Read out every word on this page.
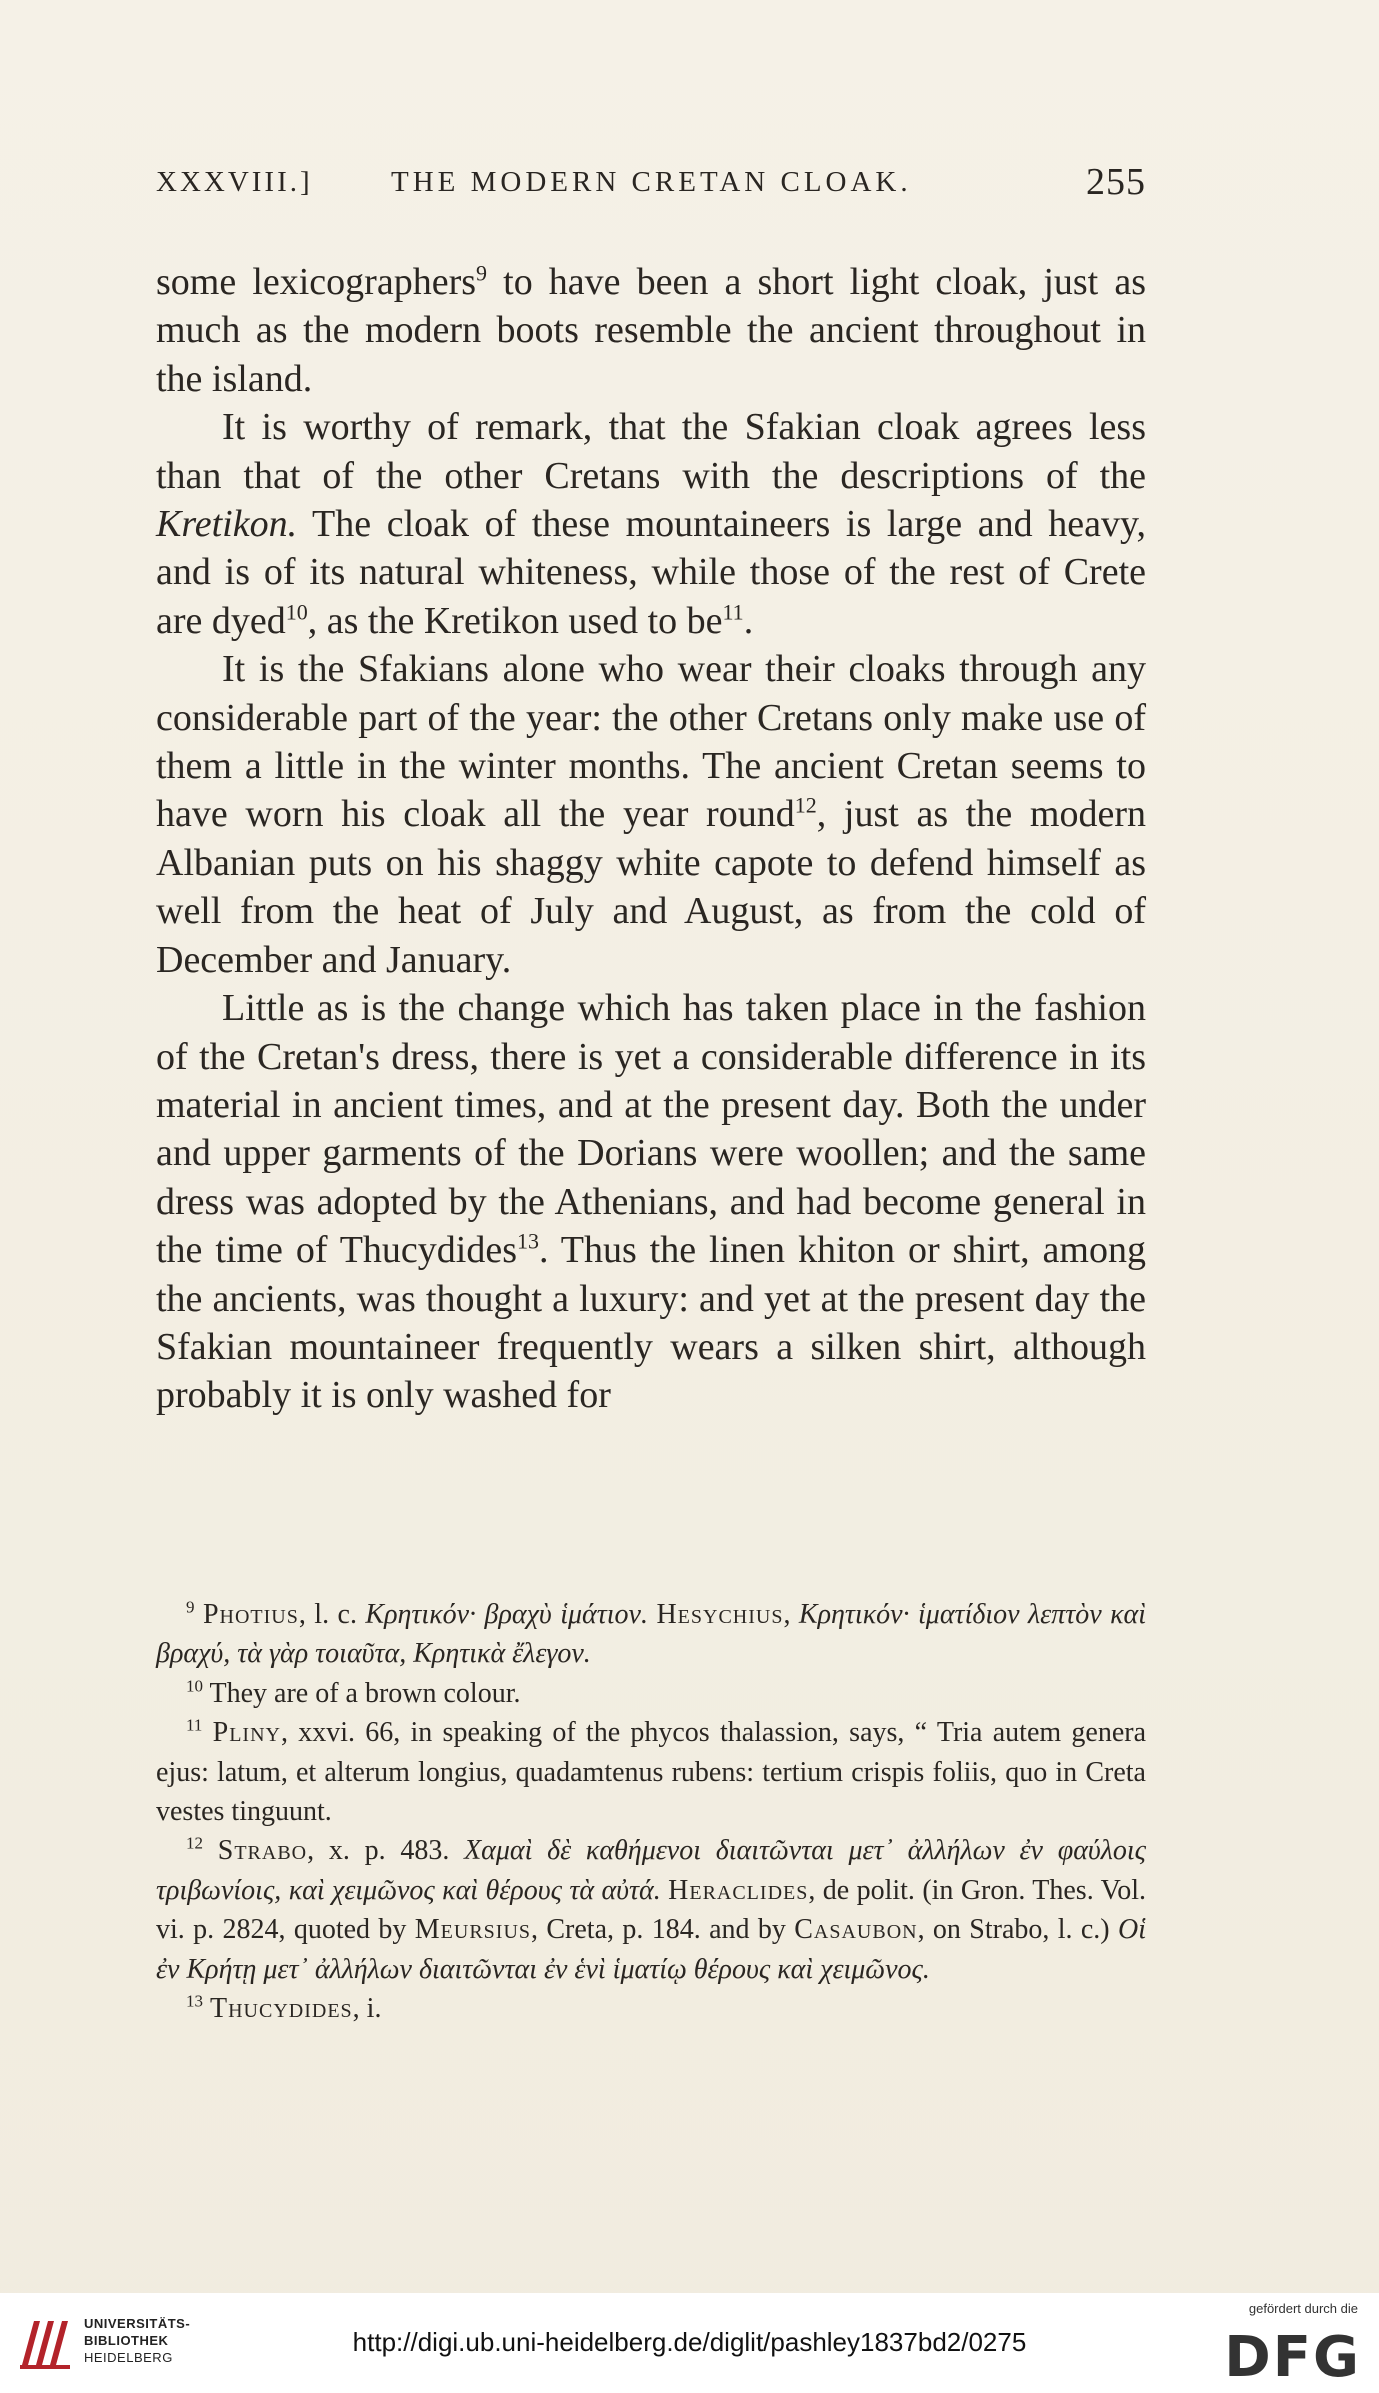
XXXVIII.]	THE MODERN CRETAN CLOAK.	255

some lexicographers$^9$ to have been a short light cloak, just as much as the modern boots resemble the ancient throughout in the island.

It is worthy of remark, that the Sfakian cloak agrees less than that of the other Cretans with the descriptions of the Kretikon. The cloak of these mountaineers is large and heavy, and is of its natural whiteness, while those of the rest of Crete are dyed$^{10}$, as the Kretikon used to $be^{11}$.

It is the Sfakians alone who wear their cloaks through any considerable part of the year: the other Cretans only make use of them a little in the winter months. The ancient Cretan seems to have worn his cloak all the year round$^{12}$, just as the modern Albanian puts on his shaggy white capote to defend himself as well from the heat of July and August, as from the cold of December and January.

Little as is the change which has taken place in the fashion of the Cretan's dress, there is yet a considerable difference in its material in ancient times, and at the present day. Both the under and upper garments of the Dorians were woollen; and the same dress was adopted by the Athenians, and had become general in the time of Thucydides$^{13}$. Thus the linen khiton or shirt, among the ancients, was thought a luxury: and yet at the present day the Sfakian mountaineer frequently wears a silken shirt, although probably it is only washed for

$^9$ Photius, l. c. Κρητικόν· βραχὺ ἱμάτιον. Hesychius, Κρητικόν· ἱματίδιον λεπτὸν καὶ βραχύ, τὰ γὰρ τοιαῦτα, Κρητικὰ ἔλεγον.

$^{10}$ They are of a brown colour.

$^{11}$ Pliny, xxvi. 66, in speaking of the phycos thalassion, says, “ Tria autem genera ejus: latum, et alterum longius, quadamtenus rubens: tertium crispis foliis, quo in Creta vestes tinguunt.

$^{12}$ Strabo, x. p. 483. Χαμαὶ δὲ καθήμενοι διαιτῶνται μετ᾽ ἀλλήλων ἐν φαύλοις τριβωνίοις, καὶ χειμῶνος καὶ θέρους τὰ αὐτά. Heraclides, de polit. (in Gron. Thes. Vol. vi. p. 2824, quoted by Meursius, Creta, p. 184. and by Casaubon, on Strabo, l. c.) Οἱ ἐν Κρήτῃ μετ᾽ ἀλλήλων διαιτῶνται ἐν ἑνὶ ἱματίῳ θέρους καὶ χειμῶνος.

$^{13}$ Thucydides, i.

UNIVERSITÄTS-
BIBLIOTHEK
HEIDELBERG
http://digi.ub.uni-heidelberg.de/diglit/pashley1837bd2/0275
gefördert durch die
DFG
